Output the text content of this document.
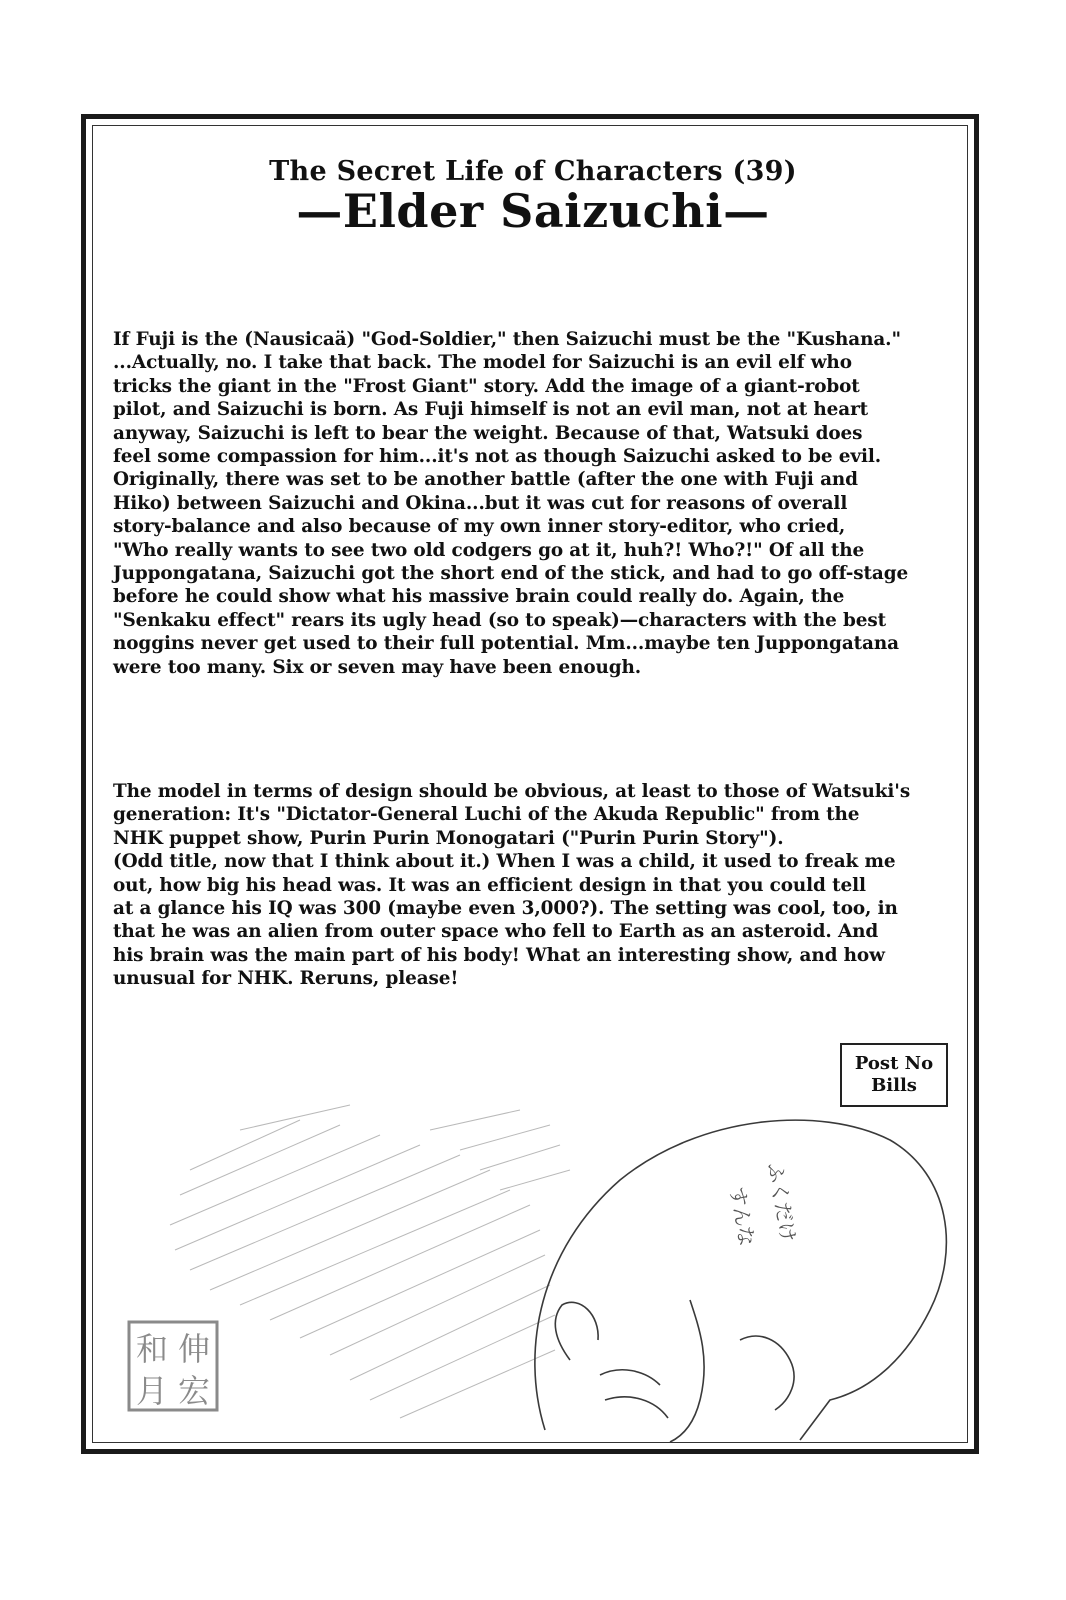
The Secret Life of Characters (39)

—Elder Saizuchi—

If Fuji is the (Nausicaä) "God-Soldier," then Saizuchi must be the "Kushana."
...Actually, no. I take that back. The model for Saizuchi is an evil elf who
tricks the giant in the "Frost Giant" story. Add the image of a giant-robot
pilot, and Saizuchi is born. As Fuji himself is not an evil man, not at heart
anyway, Saizuchi is left to bear the weight. Because of that, Watsuki does
feel some compassion for him...it's not as though Saizuchi asked to be evil.
Originally, there was set to be another battle (after the one with Fuji and
Hiko) between Saizuchi and Okina...but it was cut for reasons of overall
story-balance and also because of my own inner story-editor, who cried,
"Who really wants to see two old codgers go at it, huh?! Who?!" Of all the
Juppongatana, Saizuchi got the short end of the stick, and had to go off-stage
before he could show what his massive brain could really do. Again, the
"Senkaku effect" rears its ugly head (so to speak)—characters with the best
noggins never get used to their full potential. Mm...maybe ten Juppongatana
were too many. Six or seven may have been enough.
The model in terms of design should be obvious, at least to those of Watsuki's
generation: It's "Dictator-General Luchi of the Akuda Republic" from the
NHK puppet show, Purin Purin Monogatari ("Purin Purin Story").
(Odd title, now that I think about it.) When I was a child, it used to freak me
out, how big his head was. It was an efficient design in that you could tell
at a glance his IQ was 300 (maybe even 3,000?). The setting was cool, too, in
that he was an alien from outer space who fell to Earth as an asteroid. And
his brain was the main part of his body! What an interesting show, and how
unusual for NHK. Reruns, please!
Post No
Bills
ふくだけ
すんな
和 伸
月 宏
